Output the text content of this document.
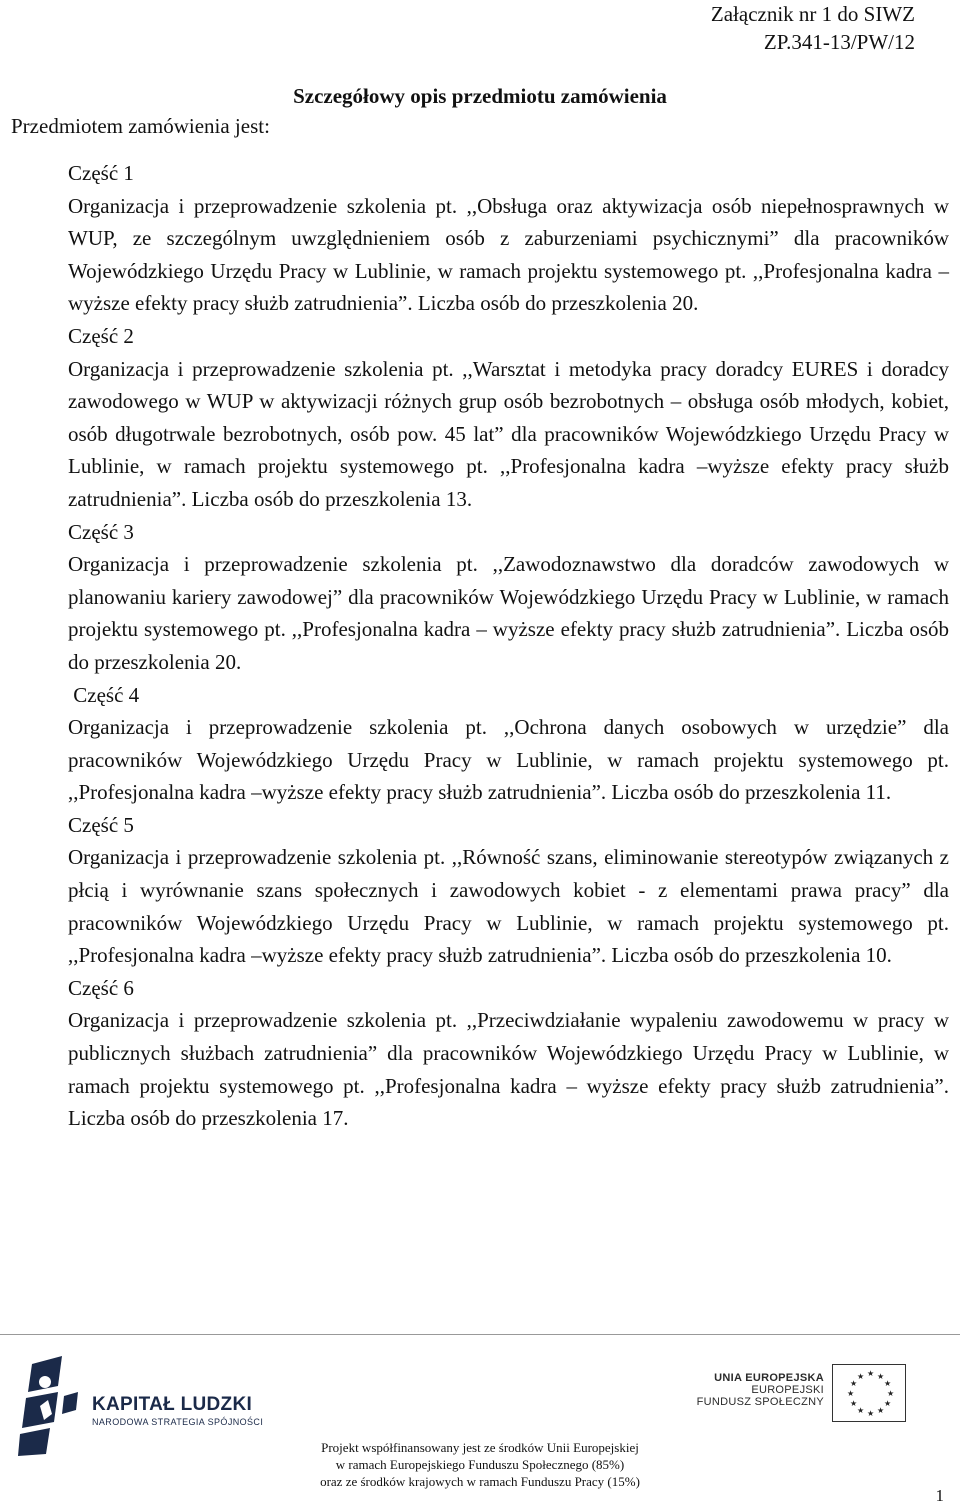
Załącznik nr 1 do SIWZ
ZP.341-13/PW/12
Szczegółowy opis przedmiotu zamówienia
Przedmiotem zamówienia jest:

Część 1

Organizacja i przeprowadzenie szkolenia pt. ,,Obsługa oraz aktywizacja osób niepełnosprawnych w WUP, ze szczególnym uwzględnieniem osób z zaburzeniami psychicznymi” dla pracowników Wojewódzkiego Urzędu Pracy w Lublinie, w ramach projektu systemowego pt. ,,Profesjonalna kadra –wyższe efekty pracy służb zatrudnienia”. Liczba osób do przeszkolenia 20.

Część 2

Organizacja i przeprowadzenie szkolenia pt. ,,Warsztat i metodyka pracy doradcy EURES i doradcy zawodowego w WUP w aktywizacji różnych grup osób bezrobotnych – obsługa osób młodych, kobiet, osób długotrwale bezrobotnych, osób pow. 45 lat” dla pracowników Wojewódzkiego Urzędu Pracy w Lublinie, w ramach projektu systemowego pt. ,,Profesjonalna kadra –wyższe efekty pracy służb zatrudnienia”. Liczba osób do przeszkolenia 13.

Część 3

Organizacja i przeprowadzenie szkolenia pt. ,,Zawodoznawstwo dla doradców zawodowych w planowaniu kariery zawodowej” dla pracowników Wojewódzkiego Urzędu Pracy w Lublinie, w ramach projektu systemowego pt. ,,Profesjonalna kadra – wyższe efekty pracy służb zatrudnienia”. Liczba osób do przeszkolenia 20.

Część 4

Organizacja i przeprowadzenie szkolenia pt. ,,Ochrona danych osobowych w urzędzie” dla pracowników Wojewódzkiego Urzędu Pracy w Lublinie, w ramach projektu systemowego pt. ,,Profesjonalna kadra –wyższe efekty pracy służb zatrudnienia”. Liczba osób do przeszkolenia 11.

Część 5

Organizacja i przeprowadzenie szkolenia pt. ,,Równość szans, eliminowanie stereotypów związanych z płcią i wyrównanie szans społecznych i zawodowych kobiet - z elementami prawa pracy” dla pracowników Wojewódzkiego Urzędu Pracy w Lublinie, w ramach projektu systemowego pt. ,,Profesjonalna kadra –wyższe efekty pracy służb zatrudnienia”. Liczba osób do przeszkolenia 10.

Część 6

Organizacja i przeprowadzenie szkolenia pt. ,,Przeciwdziałanie wypaleniu zawodowemu w pracy w publicznych służbach zatrudnienia” dla pracowników Wojewódzkiego Urzędu Pracy w Lublinie, w ramach projektu systemowego pt. ,,Profesjonalna kadra – wyższe efekty pracy służb zatrudnienia”. Liczba osób do przeszkolenia 17.

KAPITAŁ LUDZKI
NARODOWA STRATEGIA SPÓJNOŚCI
UNIA EUROPEJSKA
EUROPEJSKI
FUNDUSZ SPOŁECZNY
★ ★
★
★
★
★
★
★
★
★
★
★
Projekt współfinansowany jest ze środków Unii Europejskiej
w ramach Europejskiego Funduszu Społecznego (85%)
oraz ze środków krajowych w ramach Funduszu Pracy (15%)
1
